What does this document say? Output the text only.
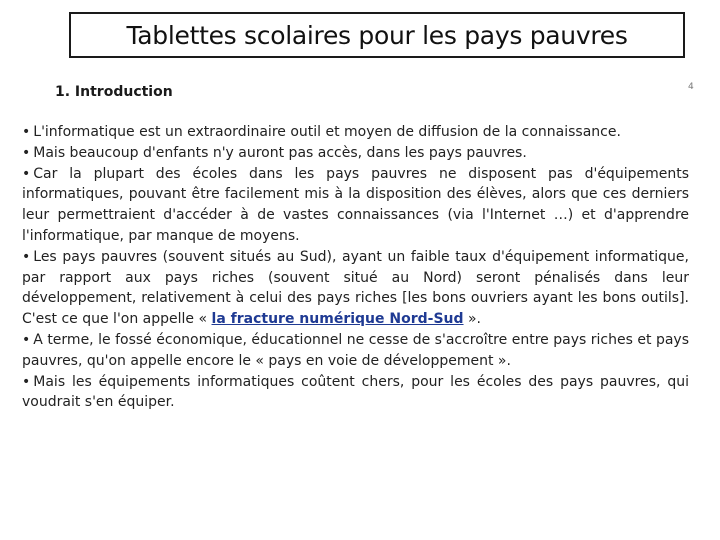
Tablettes scolaires pour les pays pauvres
4
1. Introduction

• L'informatique est un extraordinaire outil et moyen de diffusion de la connaissance.

• Mais beaucoup d'enfants n'y auront pas accès, dans les pays pauvres.

• Car la plupart des écoles dans les pays pauvres ne disposent pas d'équipements informatiques, pouvant être facilement mis à la disposition des élèves, alors que ces derniers leur permettraient d'accéder à de vastes connaissances (via l'Internet …) et d'apprendre l'informatique, par manque de moyens.

• Les pays pauvres (souvent situés au Sud), ayant un faible taux d'équipement informatique, par rapport aux pays riches (souvent situé au Nord) seront pénalisés dans leur développement, relativement à celui des pays riches [les bons ouvriers ayant les bons outils]. C'est ce que l'on appelle « la fracture numérique Nord-Sud ».

• A terme, le fossé économique, éducationnel ne cesse de s'accroître entre pays riches et pays pauvres, qu'on appelle encore le « pays en voie de développement ».

• Mais les équipements informatiques coûtent chers, pour les écoles des pays pauvres, qui voudrait s'en équiper.
